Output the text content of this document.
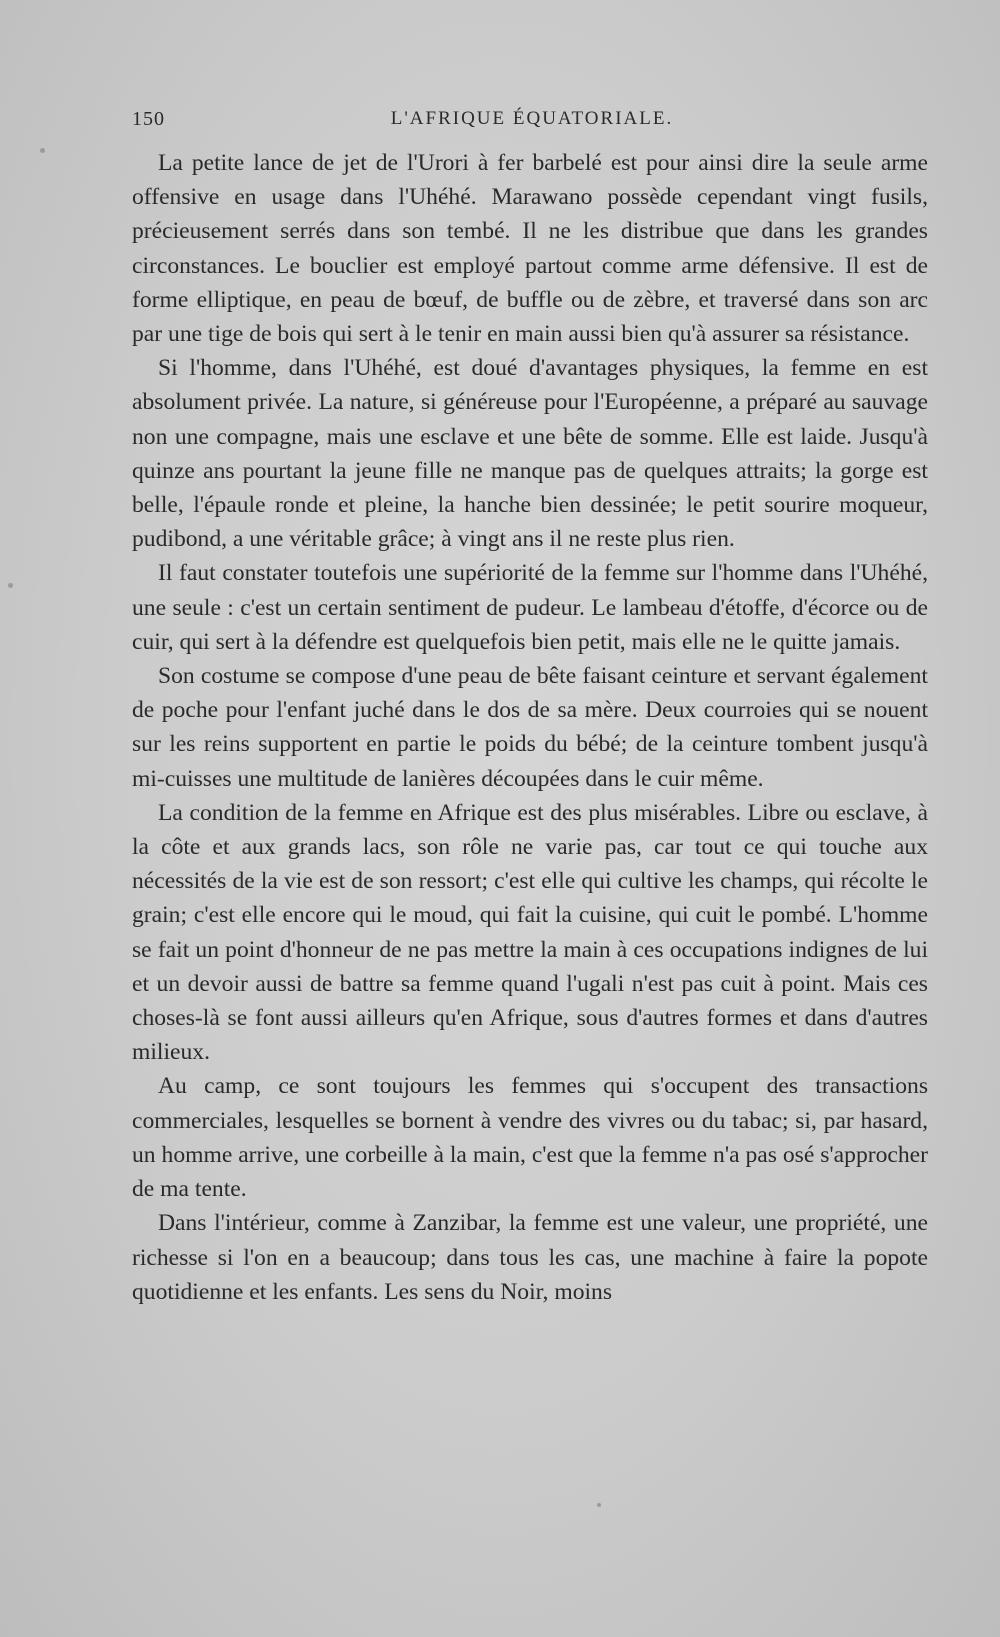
150	L'AFRIQUE ÉQUATORIALE.

La petite lance de jet de l'Urori à fer barbelé est pour ainsi dire la seule arme offensive en usage dans l'Uhéhé. Marawano possède cependant vingt fusils, précieusement serrés dans son tembé. Il ne les distribue que dans les grandes circonstances. Le bouclier est employé partout comme arme défensive. Il est de forme elliptique, en peau de bœuf, de buffle ou de zèbre, et traversé dans son arc par une tige de bois qui sert à le tenir en main aussi bien qu'à assurer sa résistance.

Si l'homme, dans l'Uhéhé, est doué d'avantages physiques, la femme en est absolument privée. La nature, si généreuse pour l'Européenne, a préparé au sauvage non une compagne, mais une esclave et une bête de somme. Elle est laide. Jusqu'à quinze ans pourtant la jeune fille ne manque pas de quelques attraits; la gorge est belle, l'épaule ronde et pleine, la hanche bien dessinée; le petit sourire moqueur, pudibond, a une véritable grâce; à vingt ans il ne reste plus rien.

Il faut constater toutefois une supériorité de la femme sur l'homme dans l'Uhéhé, une seule : c'est un certain sentiment de pudeur. Le lambeau d'étoffe, d'écorce ou de cuir, qui sert à la défendre est quelquefois bien petit, mais elle ne le quitte jamais.

Son costume se compose d'une peau de bête faisant ceinture et servant également de poche pour l'enfant juché dans le dos de sa mère. Deux courroies qui se nouent sur les reins supportent en partie le poids du bébé; de la ceinture tombent jusqu'à mi-cuisses une multitude de lanières découpées dans le cuir même.

La condition de la femme en Afrique est des plus misérables. Libre ou esclave, à la côte et aux grands lacs, son rôle ne varie pas, car tout ce qui touche aux nécessités de la vie est de son ressort; c'est elle qui cultive les champs, qui récolte le grain; c'est elle encore qui le moud, qui fait la cuisine, qui cuit le pombé. L'homme se fait un point d'honneur de ne pas mettre la main à ces occupations indignes de lui et un devoir aussi de battre sa femme quand l'ugali n'est pas cuit à point. Mais ces choses-là se font aussi ailleurs qu'en Afrique, sous d'autres formes et dans d'autres milieux.

Au camp, ce sont toujours les femmes qui s'occupent des transactions commerciales, lesquelles se bornent à vendre des vivres ou du tabac; si, par hasard, un homme arrive, une corbeille à la main, c'est que la femme n'a pas osé s'approcher de ma tente.

Dans l'intérieur, comme à Zanzibar, la femme est une valeur, une propriété, une richesse si l'on en a beaucoup; dans tous les cas, une machine à faire la popote quotidienne et les enfants. Les sens du Noir, moins
